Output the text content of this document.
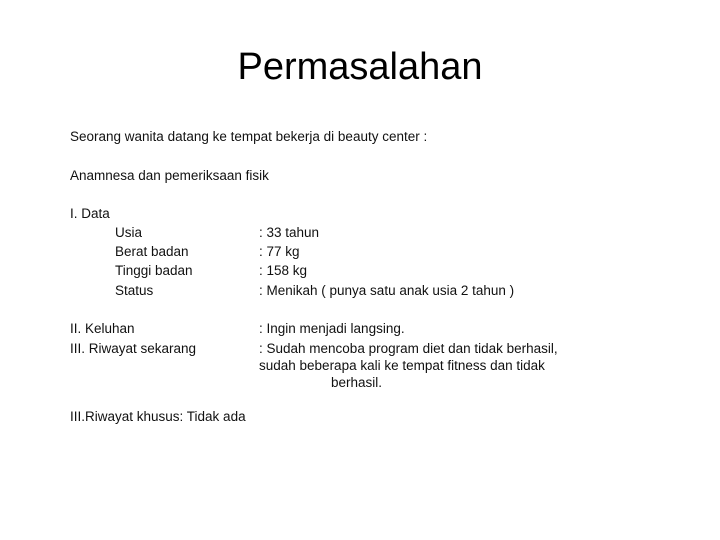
Permasalahan
Seorang wanita datang ke tempat bekerja di beauty center :
Anamnesa dan pemeriksaan fisik
I. Data
Usia	: 33 tahun
Berat badan	: 77 kg
Tinggi badan	: 158 kg
Status	: Menikah ( punya satu anak usia 2 tahun )
II. Keluhan	: Ingin menjadi langsing.
III. Riwayat sekarang	: Sudah mencoba program diet dan tidak berhasil,
sudah beberapa kali ke tempat fitness dan tidak
berhasil.
III.Riwayat khusus: Tidak ada
